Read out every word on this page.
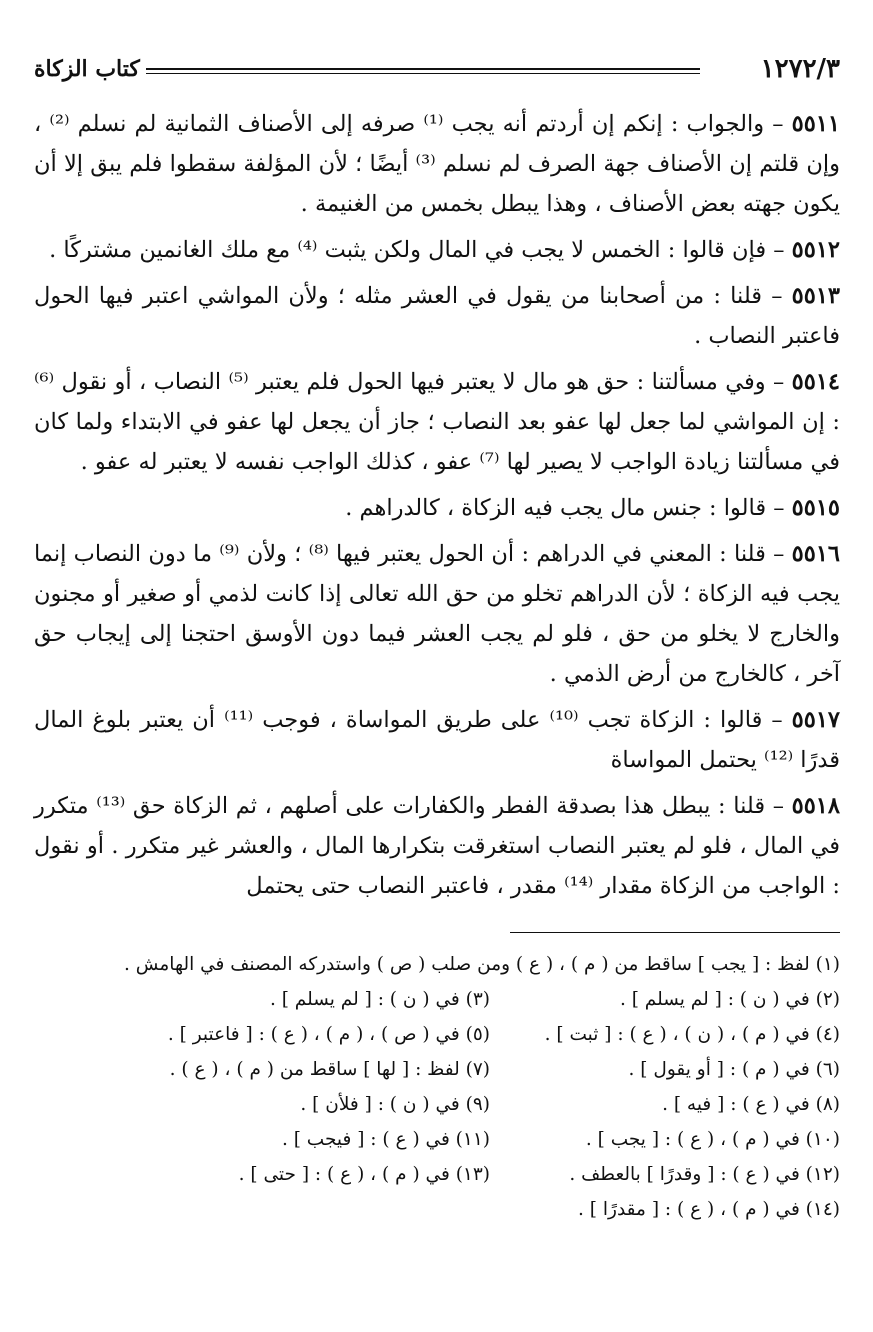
١٢٧٢/٣
كتاب الزكاة

٥٥١١ – والجواب : إنكم إن أردتم أنه يجب ⁽¹⁾ صرفه إلى الأصناف الثمانية لم نسلم ⁽²⁾ ، وإن قلتم إن الأصناف جهة الصرف لم نسلم ⁽³⁾ أيضًا ؛ لأن المؤلفة سقطوا فلم يبق إلا أن يكون جهته بعض الأصناف ، وهذا يبطل بخمس من الغنيمة .

٥٥١٢ – فإن قالوا : الخمس لا يجب في المال ولكن يثبت ⁽⁴⁾ مع ملك الغانمين مشتركًا .

٥٥١٣ – قلنا : من أصحابنا من يقول في العشر مثله ؛ ولأن المواشي اعتبر فيها الحول فاعتبر النصاب .

٥٥١٤ – وفي مسألتنا : حق هو مال لا يعتبر فيها الحول فلم يعتبر ⁽⁵⁾ النصاب ، أو نقول ⁽⁶⁾ : إن المواشي لما جعل لها عفو بعد النصاب ؛ جاز أن يجعل لها عفو في الابتداء ولما كان في مسألتنا زيادة الواجب لا يصير لها ⁽⁷⁾ عفو ، كذلك الواجب نفسه لا يعتبر له عفو .

٥٥١٥ – قالوا : جنس مال يجب فيه الزكاة ، كالدراهم .

٥٥١٦ – قلنا : المعني في الدراهم : أن الحول يعتبر فيها ⁽⁸⁾ ؛ ولأن ⁽⁹⁾ ما دون النصاب إنما يجب فيه الزكاة ؛ لأن الدراهم تخلو من حق الله تعالى إذا كانت لذمي أو صغير أو مجنون والخارج لا يخلو من حق ، فلو لم يجب العشر فيما دون الأوسق احتجنا إلى إيجاب حق آخر ، كالخارج من أرض الذمي .

٥٥١٧ – قالوا : الزكاة تجب ⁽¹⁰⁾ على طريق المواساة ، فوجب ⁽¹¹⁾ أن يعتبر بلوغ المال قدرًا ⁽¹²⁾ يحتمل المواساة

٥٥١٨ – قلنا : يبطل هذا بصدقة الفطر والكفارات على أصلهم ، ثم الزكاة حق ⁽¹³⁾ متكرر في المال ، فلو لم يعتبر النصاب استغرقت بتكرارها المال ، والعشر غير متكرر . أو نقول : الواجب من الزكاة مقدار ⁽¹⁴⁾ مقدر ، فاعتبر النصاب حتى يحتمل

(١) لفظ : [ يجب ] ساقط من ( م ) ، ( ع ) ومن صلب ( ص ) واستدركه المصنف في الهامش .
(٢) في ( ن ) : [ لم يسلم ] .
(٣) في ( ن ) : [ لم يسلم ] .
(٤) في ( م ) ، ( ن ) ، ( ع ) : [ ثبت ] .
(٥) في ( ص ) ، ( م ) ، ( ع ) : [ فاعتبر ] .
(٦) في ( م ) : [ أو يقول ] .
(٧) لفظ : [ لها ] ساقط من ( م ) ، ( ع ) .
(٨) في ( ع ) : [ فيه ] .
(٩) في ( ن ) : [ فلأن ] .
(١٠) في ( م ) ، ( ع ) : [ يجب ] .
(١١) في ( ع ) : [ فيجب ] .
(١٢) في ( ع ) : [ وقدرًا ] بالعطف .
(١٣) في ( م ) ، ( ع ) : [ حتى ] .
(١٤) في ( م ) ، ( ع ) : [ مقدرًا ] .
